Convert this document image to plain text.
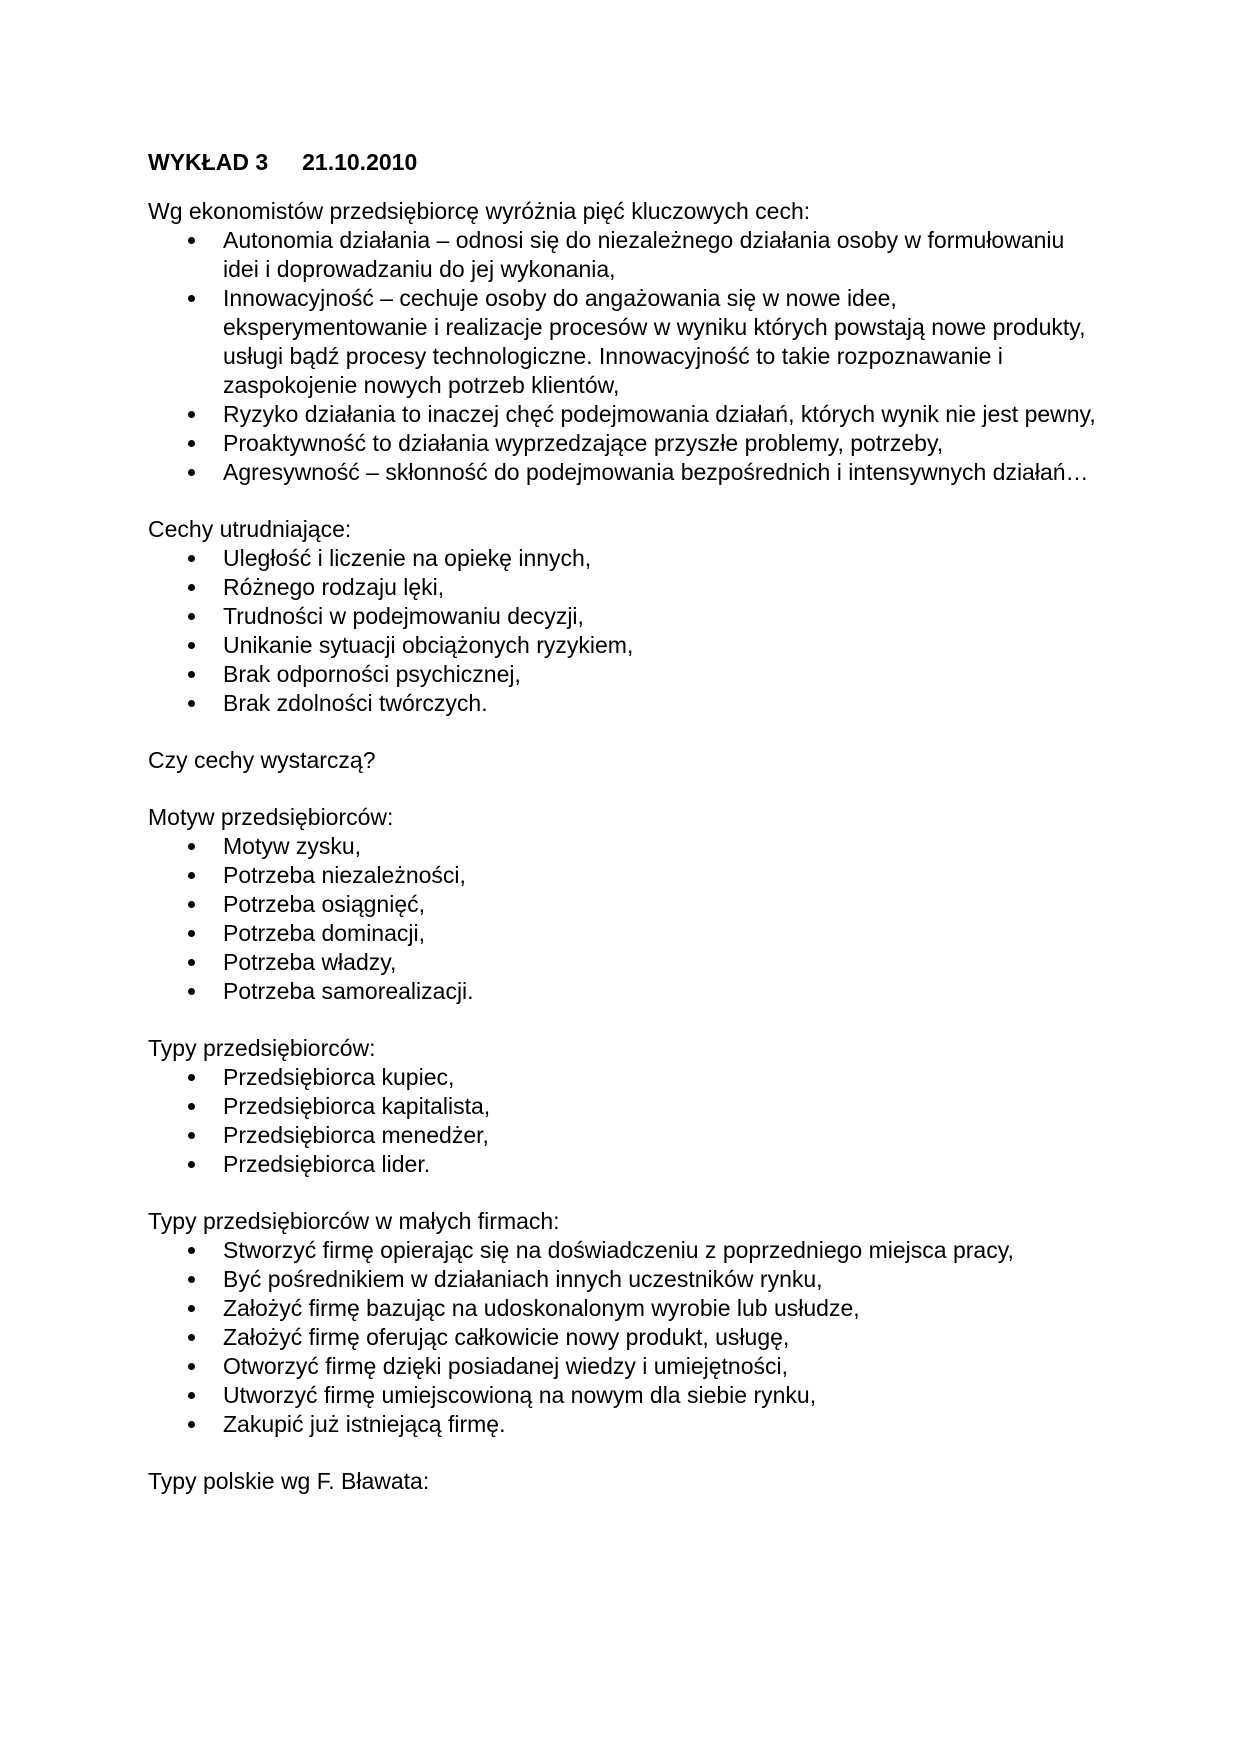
WYKŁAD 3 21.10.2010

Wg ekonomistów przedsiębiorcę wyróżnia pięć kluczowych cech:

Autonomia działania – odnosi się do niezależnego działania osoby w formułowaniu idei i doprowadzaniu do jej wykonania,
Innowacyjność – cechuje osoby do angażowania się w nowe idee, eksperymentowanie i realizacje procesów w wyniku których powstają nowe produkty, usługi bądź procesy technologiczne. Innowacyjność to takie rozpoznawanie i zaspokojenie nowych potrzeb klientów,
Ryzyko działania to inaczej chęć podejmowania działań, których wynik nie jest pewny,
Proaktywność to działania wyprzedzające przyszłe problemy, potrzeby,
Agresywność – skłonność do podejmowania bezpośrednich i intensywnych działań…

Cechy utrudniające:

Uległość i liczenie na opiekę innych,
Różnego rodzaju lęki,
Trudności w podejmowaniu decyzji,
Unikanie sytuacji obciążonych ryzykiem,
Brak odporności psychicznej,
Brak zdolności twórczych.

Czy cechy wystarczą?

Motyw przedsiębiorców:

Motyw zysku,
Potrzeba niezależności,
Potrzeba osiągnięć,
Potrzeba dominacji,
Potrzeba władzy,
Potrzeba samorealizacji.

Typy przedsiębiorców:

Przedsiębiorca kupiec,
Przedsiębiorca kapitalista,
Przedsiębiorca menedżer,
Przedsiębiorca lider.

Typy przedsiębiorców w małych firmach:

Stworzyć firmę opierając się na doświadczeniu z poprzedniego miejsca pracy,
Być pośrednikiem w działaniach innych uczestników rynku,
Założyć firmę bazując na udoskonalonym wyrobie lub usłudze,
Założyć firmę oferując całkowicie nowy produkt, usługę,
Otworzyć firmę dzięki posiadanej wiedzy i umiejętności,
Utworzyć firmę umiejscowioną na nowym dla siebie rynku,
Zakupić już istniejącą firmę.

Typy polskie wg F. Bławata:
